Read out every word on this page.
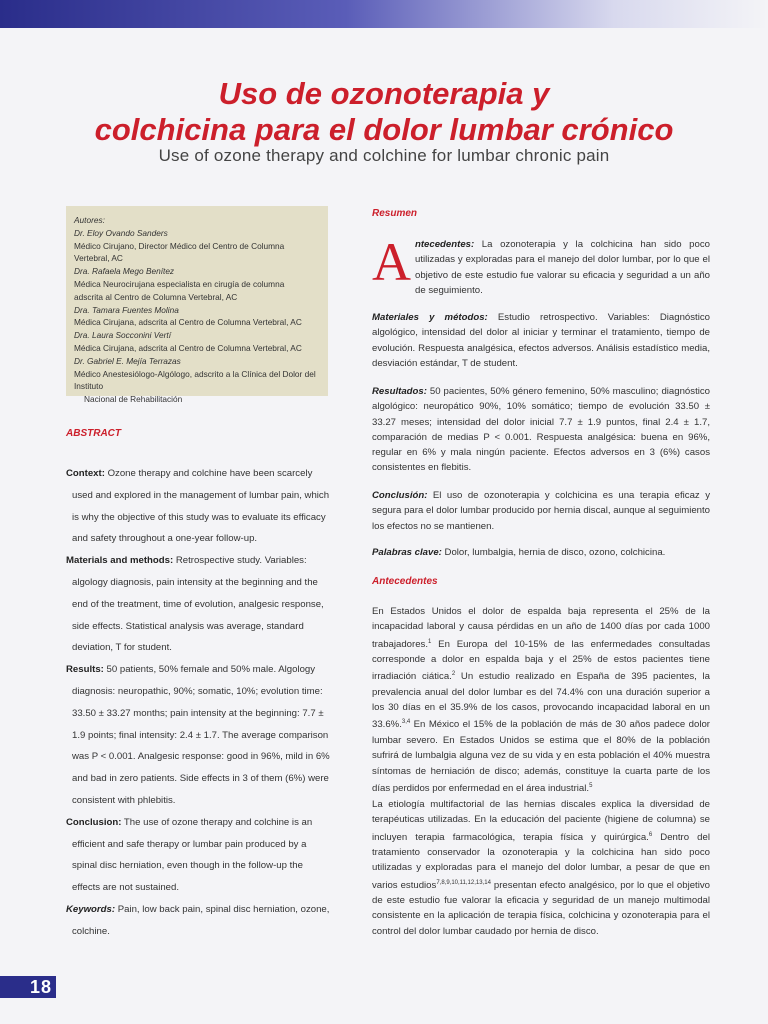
Uso de ozonoterapia y
colchicina para el dolor lumbar crónico
Use of ozone therapy and colchine for lumbar chronic pain
Autores:
Dr. Eloy Ovando Sanders
Médico Cirujano, Director Médico del Centro de Columna Vertebral, AC
Dra. Rafaela Mego Benítez
Médica Neurocirujana especialista en cirugía de columna
adscrita al Centro de Columna Vertebral, AC
Dra. Tamara Fuentes Molina
Médica Cirujana, adscrita al Centro de Columna Vertebral, AC
Dra. Laura Socconini Vertí
Médica Cirujana, adscrita al Centro de Columna Vertebral, AC
Dr. Gabriel E. Mejía Terrazas
Médico Anestesiólogo-Algólogo, adscrito a la Clínica del Dolor del Instituto
Nacional de Rehabilitación
ABSTRACT
Context: Ozone therapy and colchine have been scarcely used and explored in the management of lumbar pain, which is why the objective of this study was to evaluate its efficacy and safety throughout a one-year follow-up.
Materials and methods: Retrospective study. Variables: algology diagnosis, pain intensity at the beginning and the end of the treatment, time of evolution, analgesic response, side effects. Statistical analysis was average, standard deviation, T for student.
Results: 50 patients, 50% female and 50% male. Algology diagnosis: neuropathic, 90%; somatic, 10%; evolution time: 33.50 ± 33.27 months; pain intensity at the beginning: 7.7 ± 1.9 points; final intensity: 2.4 ± 1.7. The average comparison was P < 0.001. Analgesic response: good in 96%, mild in 6% and bad in zero patients. Side effects in 3 of them (6%) were consistent with phlebitis.
Conclusion: The use of ozone therapy and colchine is an efficient and safe therapy or lumbar pain produced by a spinal disc herniation, even though in the follow-up the effects are not sustained.
Keywords: Pain, low back pain, spinal disc herniation, ozone, colchine.
Resumen
Antecedentes: La ozonoterapia y la colchicina han sido poco utilizadas y exploradas para el manejo del dolor lumbar, por lo que el objetivo de este estudio fue valorar su eficacia y seguridad a un año de seguimiento.
Materiales y métodos: Estudio retrospectivo. Variables: Diagnóstico algológico, intensidad del dolor al iniciar y terminar el tratamiento, tiempo de evolución. Respuesta analgésica, efectos adversos. Análisis estadístico media, desviación estándar, T de student.
Resultados: 50 pacientes, 50% género femenino, 50% masculino; diagnóstico algológico: neuropático 90%, 10% somático; tiempo de evolución 33.50 ± 33.27 meses; intensidad del dolor inicial 7.7 ± 1.9 puntos, final 2.4 ± 1.7, comparación de medias P < 0.001. Respuesta analgésica: buena en 96%, regular en 6% y mala ningún paciente. Efectos adversos en 3 (6%) casos consistentes en flebitis.
Conclusión: El uso de ozonoterapia y colchicina es una terapia eficaz y segura para el dolor lumbar producido por hernia discal, aunque al seguimiento los efectos no se mantienen.
Palabras clave: Dolor, lumbalgia, hernia de disco, ozono, colchicina.
Antecedentes
En Estados Unidos el dolor de espalda baja representa el 25% de la incapacidad laboral y causa pérdidas en un año de 1400 días por cada 1000 trabajadores.$^1$ En Europa del 10-15% de las enfermedades consultadas corresponde a dolor en espalda baja y el 25% de estos pacientes tiene irradiación ciática.$^2$ Un estudio realizado en España de 395 pacientes, la prevalencia anual del dolor lumbar es del 74.4% con una duración superior a los 30 días en el 35.9% de los casos, provocando incapacidad laboral en un 33.6%.$^{3,4}$ En México el 15% de la población de más de 30 años padece dolor lumbar severo. En Estados Unidos se estima que el 80% de la población sufrirá de lumbalgia alguna vez de su vida y en esta población el 40% muestra síntomas de herniación de disco; además, constituye la cuarta parte de los días perdidos por enfermedad en el área industrial.$^5$
La etiología multifactorial de las hernias discales explica la diversidad de terapéuticas utilizadas. En la educación del paciente (higiene de columna) se incluyen terapia farmacológica, terapia física y quirúrgica.$^6$ Dentro del tratamiento conservador la ozonoterapia y la colchicina han sido poco utilizadas y exploradas para el manejo del dolor lumbar, a pesar de que en varios estudios$^{7,8,9,10,11,12,13,14}$ presentan efecto analgésico, por lo que el objetivo de este estudio fue valorar la eficacia y seguridad de un manejo multimodal consistente en la aplicación de terapia física, colchicina y ozonoterapia para el control del dolor lumbar caudado por hernia de disco.
18
